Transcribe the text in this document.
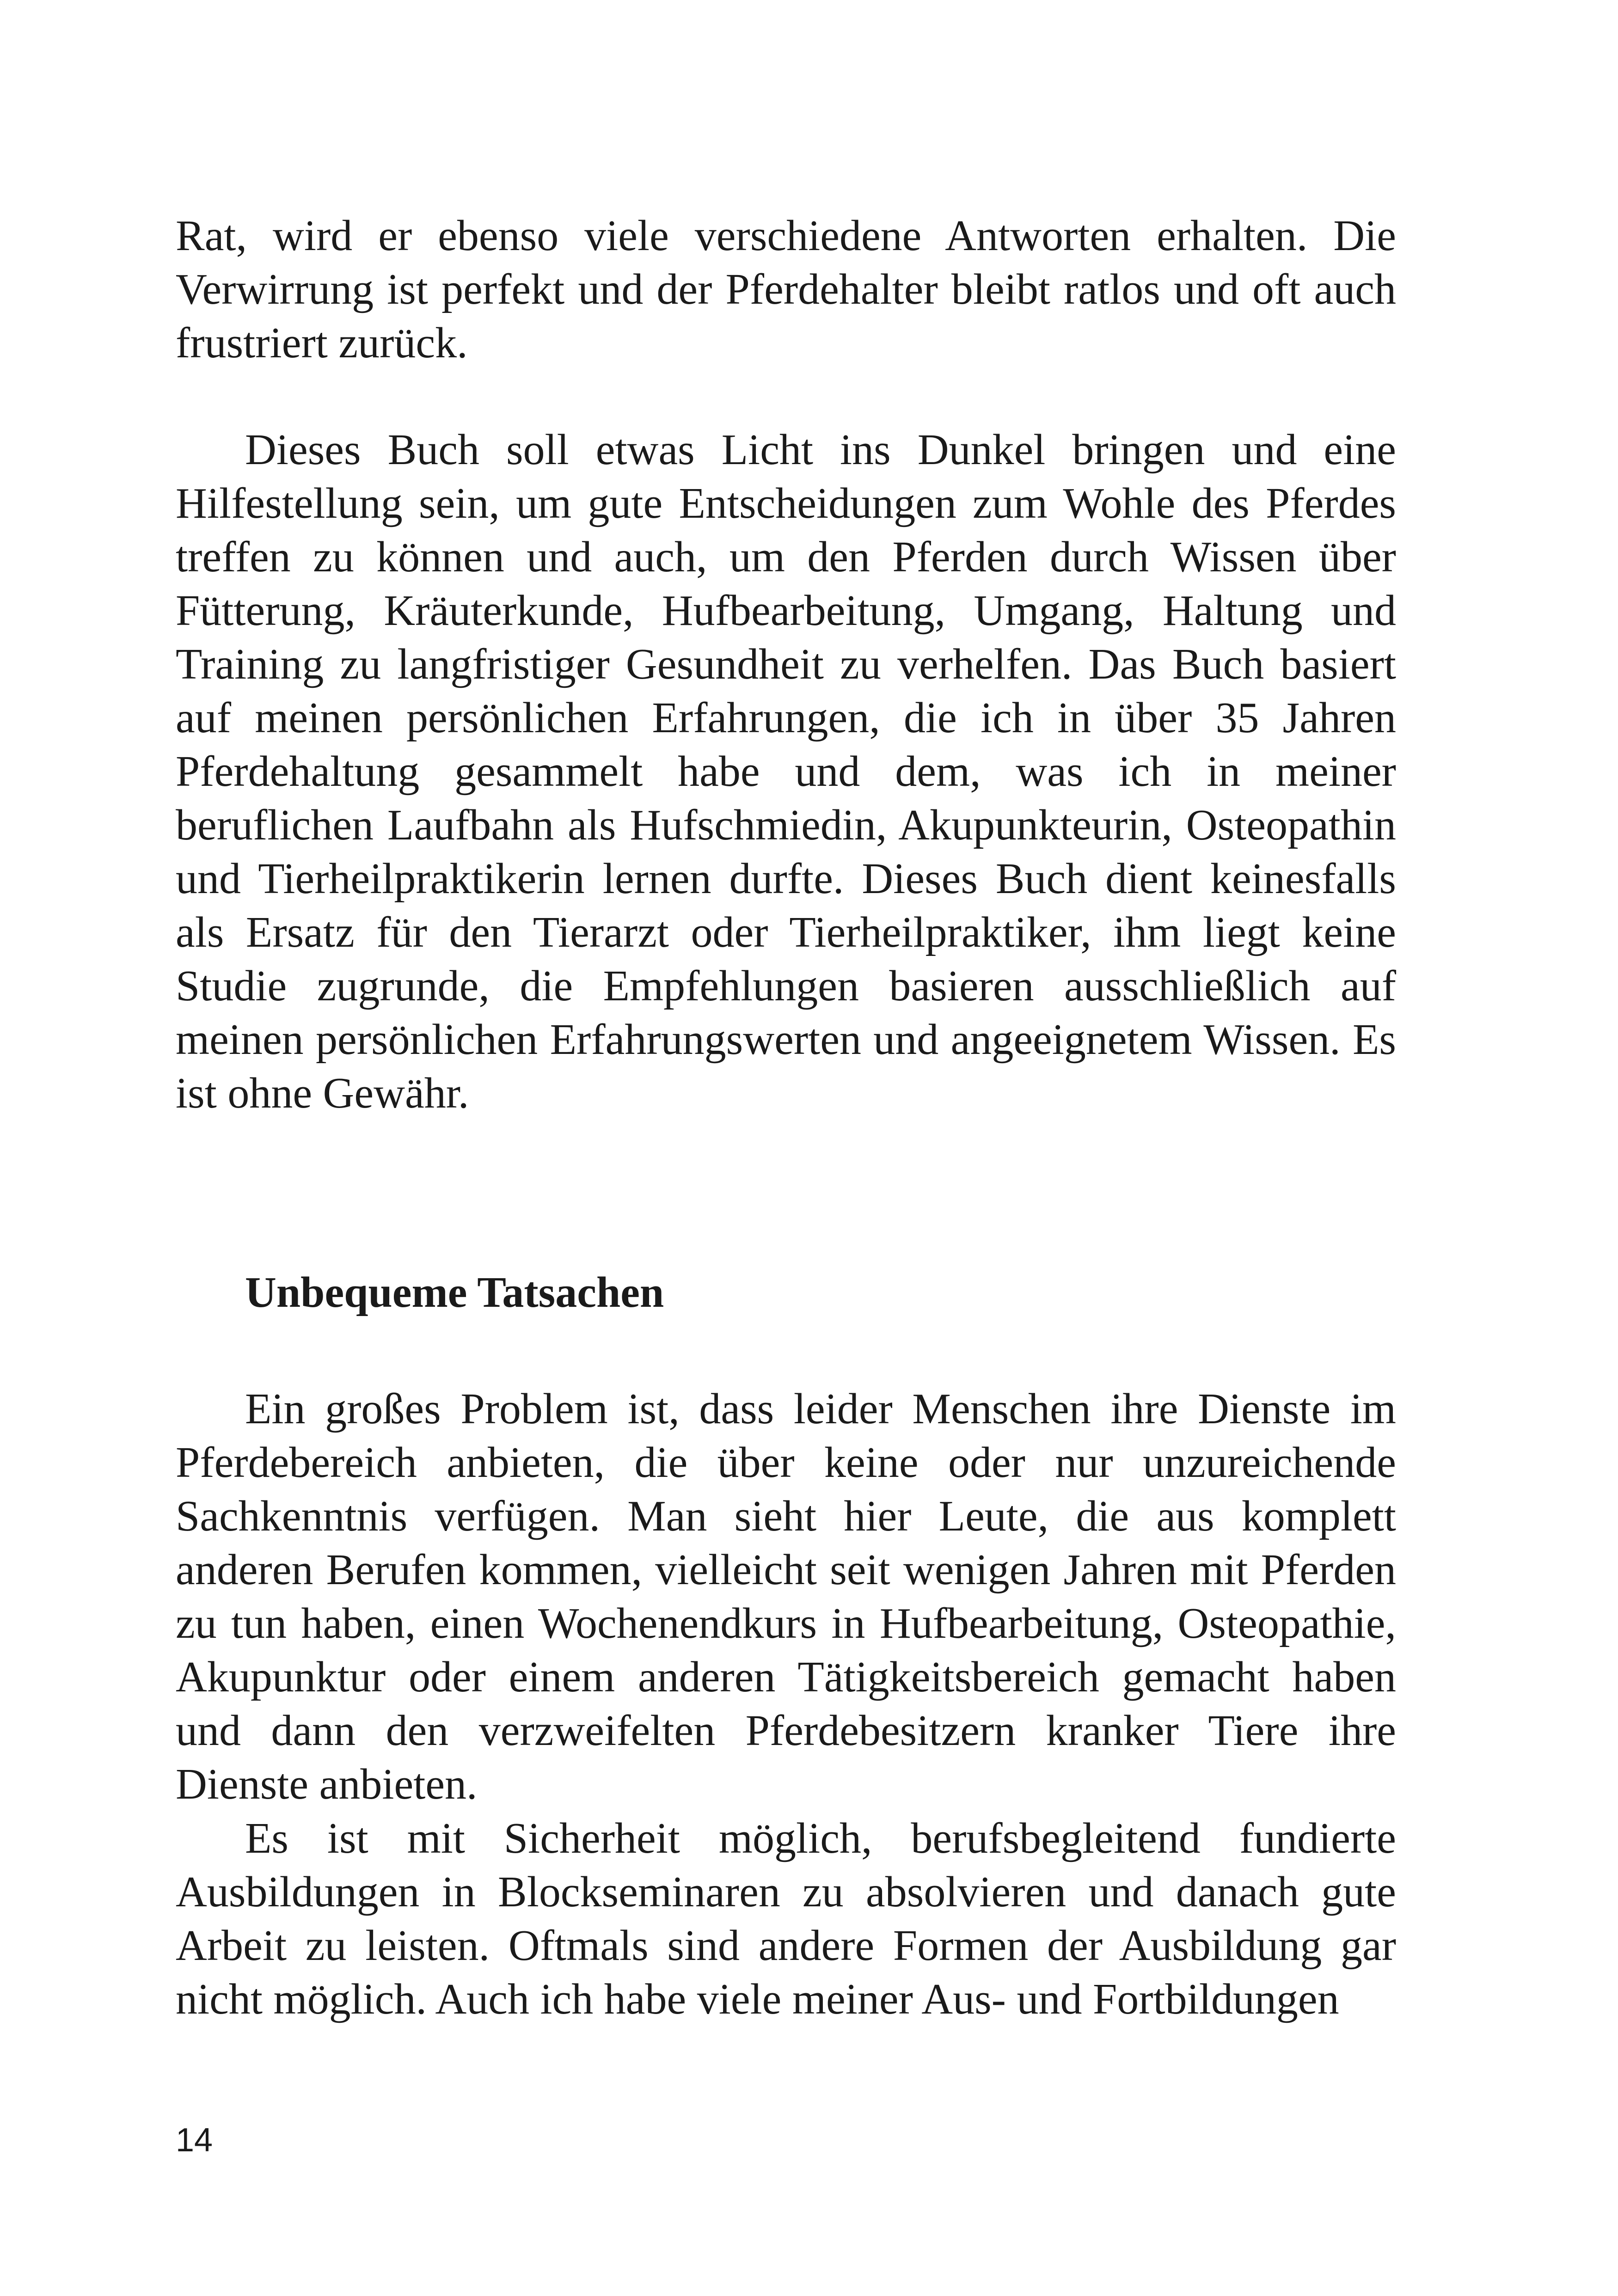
Rat, wird er ebenso viele verschiedene Antworten erhalten. Die Verwirrung ist perfekt und der Pferdehalter bleibt ratlos und oft auch frustriert zurück.

Dieses Buch soll etwas Licht ins Dunkel bringen und eine Hilfestellung sein, um gute Entscheidungen zum Wohle des Pferdes treffen zu können und auch, um den Pferden durch Wissen über Fütterung, Kräuterkunde, Hufbearbeitung, Umgang, Haltung und Training zu langfristiger Gesundheit zu verhelfen. Das Buch basiert auf meinen persönlichen Erfahrungen, die ich in über 35 Jahren Pferdehaltung gesammelt habe und dem, was ich in meiner beruflichen Laufbahn als Hufschmiedin, Akupunkteurin, Osteopathin und Tierheilpraktikerin lernen durfte. Dieses Buch dient keinesfalls als Ersatz für den Tierarzt oder Tierheilpraktiker, ihm liegt keine Studie zugrunde, die Empfehlungen basieren ausschließlich auf meinen persönlichen Erfahrungswerten und angeeignetem Wissen. Es ist ohne Gewähr.

Unbequeme Tatsachen

Ein großes Problem ist, dass leider Menschen ihre Dienste im Pferdebereich anbieten, die über keine oder nur unzureichende Sachkenntnis verfügen. Man sieht hier Leute, die aus komplett anderen Berufen kommen, vielleicht seit wenigen Jahren mit Pferden zu tun haben, einen Wochenendkurs in Hufbearbeitung, Osteopathie, Akupunktur oder einem anderen Tätigkeitsbereich gemacht haben und dann den verzweifelten Pferdebesitzern kranker Tiere ihre Dienste anbieten.

Es ist mit Sicherheit möglich, berufsbegleitend fundierte Ausbildungen in Blockseminaren zu absolvieren und danach gute Arbeit zu leisten. Oftmals sind andere Formen der Ausbildung gar nicht möglich. Auch ich habe viele meiner Aus- und Fortbildungen

14
